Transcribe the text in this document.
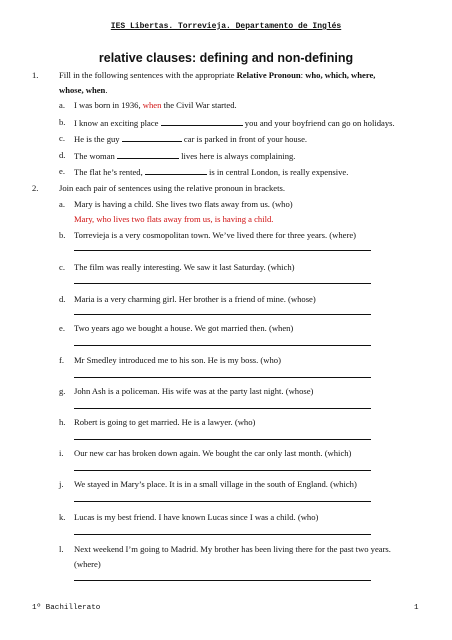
IES Libertas. Torrevieja. Departamento de Inglés
relative clauses: defining and non-defining
1. Fill in the following sentences with the appropriate Relative Pronoun: who, which, where,
whose, when.
a. I was born in 1936, when the Civil War started.
b. I know an exciting place	you and your boyfriend can go on holidays.
c. He is the guy	car is parked in front of your house.
d. The woman	lives here is always complaining.
e. The flat he’s rented,	is in central London, is really expensive.
2. Join each pair of sentences using the relative pronoun in brackets.
a. Mary is having a child. She lives two flats away from us. (who)
Mary, who lives two flats away from us, is having a child.
b. Torrevieja is a very cosmopolitan town. We’ve lived there for three years. (where)
c. The film was really interesting. We saw it last Saturday. (which)
d. Maria is a very charming girl. Her brother is a friend of mine. (whose)
e. Two years ago we bought a house. We got married then. (when)
f. Mr Smedley introduced me to his son. He is my boss. (who)
g. John Ash is a policeman. His wife was at the party last night. (whose)
h. Robert is going to get married. He is a lawyer. (who)
i. Our new car has broken down again. We bought the car only last month. (which)
j. We stayed in Mary’s place. It is in a small village in the south of England. (which)
k. Lucas is my best friend. I have known Lucas since I was a child. (who)
l. Next weekend I’m going to Madrid. My brother has been living there for the past two years.
(where)
1º Bachillerato	1
